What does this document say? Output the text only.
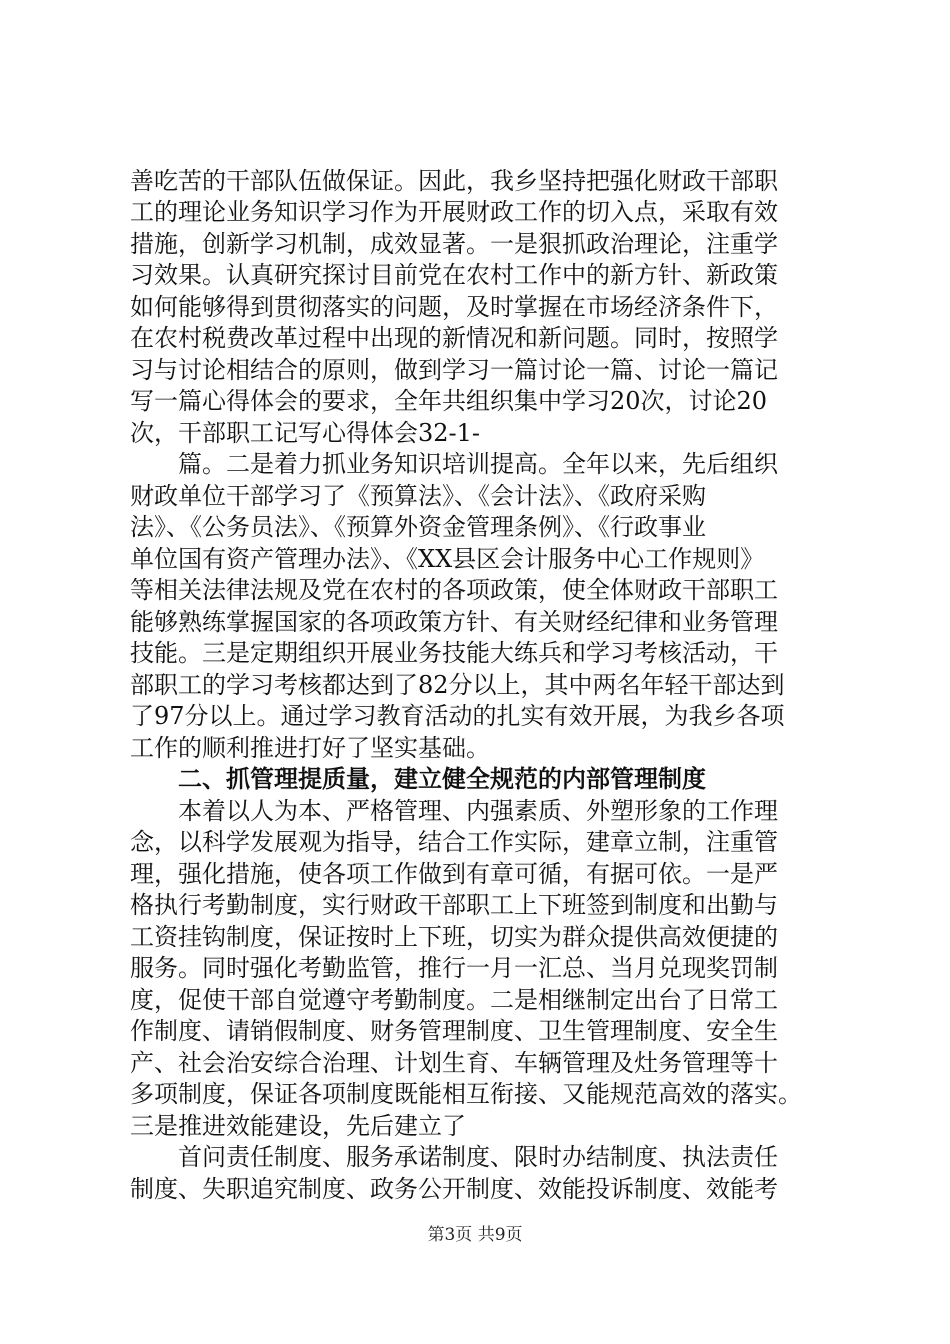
善吃苦的干部队伍做保证。因此，我乡坚持把强化财政干部职
工的理论业务知识学习作为开展财政工作的切入点，采取有效
措施，创新学习机制，成效显著。一是狠抓政治理论，注重学
习效果。认真研究探讨目前党在农村工作中的新方针、新政策
如何能够得到贯彻落实的问题，及时掌握在市场经济条件下，
在农村税费改革过程中出现的新情况和新问题。同时，按照学
习与讨论相结合的原则，做到学习一篇讨论一篇、讨论一篇记
写一篇心得体会的要求，全年共组织集中学习20次，讨论20
次，干部职工记写心得体会32-1-
　　篇。二是着力抓业务知识培训提高。全年以来，先后组织
财政单位干部学习了《预算法》、《会计法》、《政府采购
法》、《公务员法》、《预算外资金管理条例》、《行政事业
单位国有资产管理办法》、《XX县区会计服务中心工作规则》
等相关法律法规及党在农村的各项政策，使全体财政干部职工
能够熟练掌握国家的各项政策方针、有关财经纪律和业务管理
技能。三是定期组织开展业务技能大练兵和学习考核活动，干
部职工的学习考核都达到了82分以上，其中两名年轻干部达到
了97分以上。通过学习教育活动的扎实有效开展，为我乡各项
工作的顺利推进打好了坚实基础。
　　二、抓管理提质量，建立健全规范的内部管理制度
　　本着以人为本、严格管理、内强素质、外塑形象的工作理
念，以科学发展观为指导，结合工作实际，建章立制，注重管
理，强化措施，使各项工作做到有章可循，有据可依。一是严
格执行考勤制度，实行财政干部职工上下班签到制度和出勤与
工资挂钩制度，保证按时上下班，切实为群众提供高效便捷的
服务。同时强化考勤监管，推行一月一汇总、当月兑现奖罚制
度，促使干部自觉遵守考勤制度。二是相继制定出台了日常工
作制度、请销假制度、财务管理制度、卫生管理制度、安全生
产、社会治安综合治理、计划生育、车辆管理及灶务管理等十
多项制度，保证各项制度既能相互衔接、又能规范高效的落实。
三是推进效能建设，先后建立了
　　首问责任制度、服务承诺制度、限时办结制度、执法责任
制度、失职追究制度、政务公开制度、效能投诉制度、效能考
第3页 共9页
